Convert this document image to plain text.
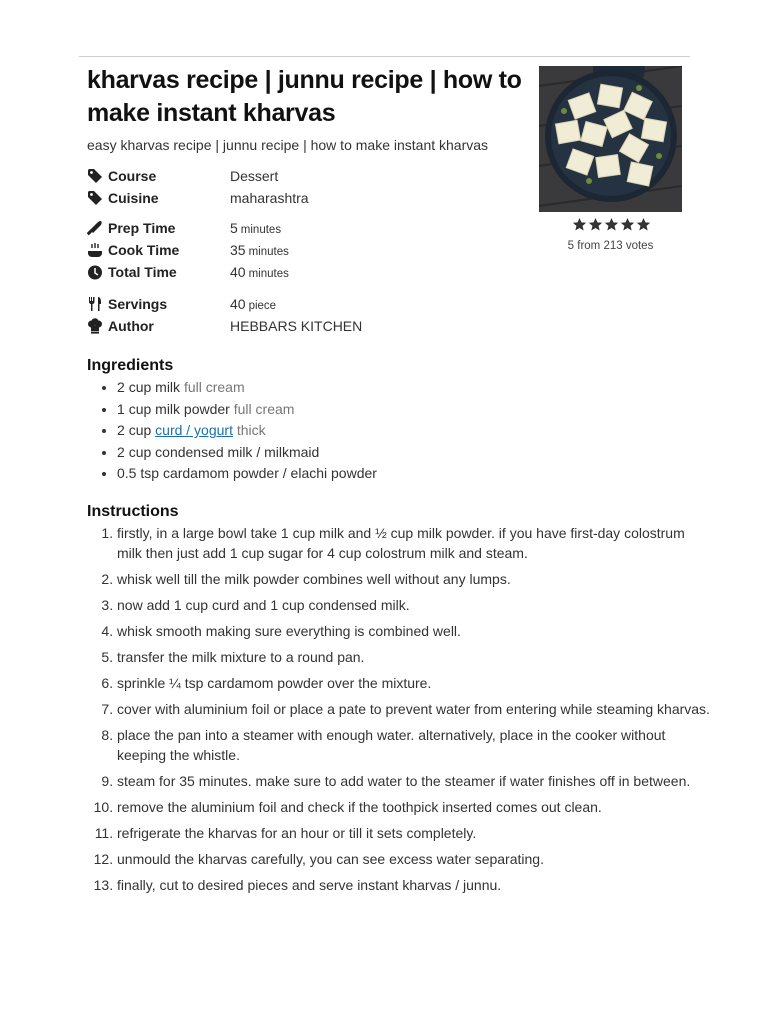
kharvas recipe | junnu recipe | how to make instant kharvas
easy kharvas recipe | junnu recipe | how to make instant kharvas
5 from 213 votes
Course	Dessert
Cuisine	maharashtra
Prep Time	5 minutes
Cook Time	35 minutes
Total Time	40 minutes
Servings	40 piece
Author	HEBBARS KITCHEN
Ingredients
• 2 cup milk full cream
• 1 cup milk powder full cream
• 2 cup curd / yogurt thick
• 2 cup condensed milk / milkmaid
• 0.5 tsp cardamom powder / elachi powder
Instructions
1. firstly, in a large bowl take 1 cup milk and ½ cup milk powder. if you have first-day colostrum milk then just add 1 cup sugar for 4 cup colostrum milk and steam.
2. whisk well till the milk powder combines well without any lumps.
3. now add 1 cup curd and 1 cup condensed milk.
4. whisk smooth making sure everything is combined well.
5. transfer the milk mixture to a round pan.
6. sprinkle ¼ tsp cardamom powder over the mixture.
7. cover with aluminium foil or place a pate to prevent water from entering while steaming kharvas.
8. place the pan into a steamer with enough water. alternatively, place in the cooker without keeping the whistle.
9. steam for 35 minutes. make sure to add water to the steamer if water finishes off in between.
10. remove the aluminium foil and check if the toothpick inserted comes out clean.
11. refrigerate the kharvas for an hour or till it sets completely.
12. unmould the kharvas carefully, you can see excess water separating.
13. finally, cut to desired pieces and serve instant kharvas / junnu.
